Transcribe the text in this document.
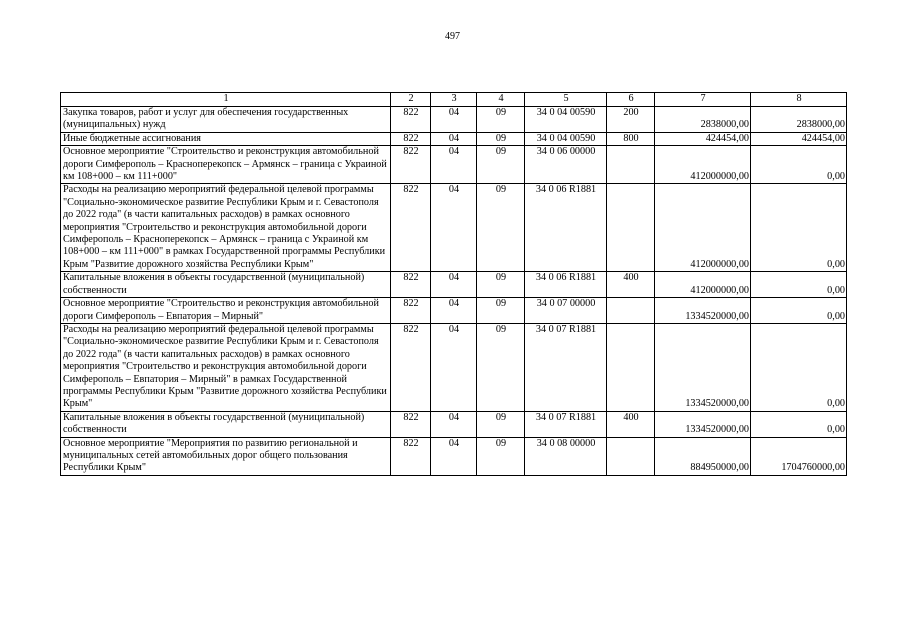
497
1	2	3	4	5	6	7	8
Закупка товаров, работ и услуг для обеспечения государственных (муниципальных) нужд	822	04	09	34 0 04 00590	200	2838000,00	2838000,00
Иные бюджетные ассигнования	822	04	09	34 0 04 00590	800	424454,00	424454,00
Основное мероприятие "Строительство и реконструкция автомобильной дороги Симферополь – Красноперекопск – Армянск – граница с Украиной км 108+000 – км 111+000"	822	04	09	34 0 06 00000		412000000,00	0,00
Расходы на реализацию мероприятий федеральной целевой программы "Социально-экономическое развитие Республики Крым и г. Севастополя до 2022 года" (в части капитальных расходов) в рамках основного мероприятия "Строительство и реконструкция автомобильной дороги Симферополь – Красноперекопск – Армянск – граница с Украиной км 108+000 – км 111+000" в рамках Государственной программы Республики Крым "Развитие дорожного хозяйства Республики Крым"	822	04	09	34 0 06 R1881		412000000,00	0,00
Капитальные вложения в объекты государственной (муниципальной) собственности	822	04	09	34 0 06 R1881	400	412000000,00	0,00
Основное мероприятие "Строительство и реконструкция автомобильной дороги Симферополь – Евпатория – Мирный"	822	04	09	34 0 07 00000		1334520000,00	0,00
Расходы на реализацию мероприятий федеральной целевой программы "Социально-экономическое развитие Республики Крым и г. Севастополя до 2022 года" (в части капитальных расходов) в рамках основного мероприятия "Строительство и реконструкция автомобильной дороги Симферополь – Евпатория – Мирный" в рамках Государственной программы Республики Крым "Развитие дорожного хозяйства Республики Крым"	822	04	09	34 0 07 R1881		1334520000,00	0,00
Капитальные вложения в объекты государственной (муниципальной) собственности	822	04	09	34 0 07 R1881	400	1334520000,00	0,00
Основное мероприятие "Мероприятия по развитию региональной и муниципальных сетей автомобильных дорог общего пользования Республики Крым"	822	04	09	34 0 08 00000		884950000,00	1704760000,00
